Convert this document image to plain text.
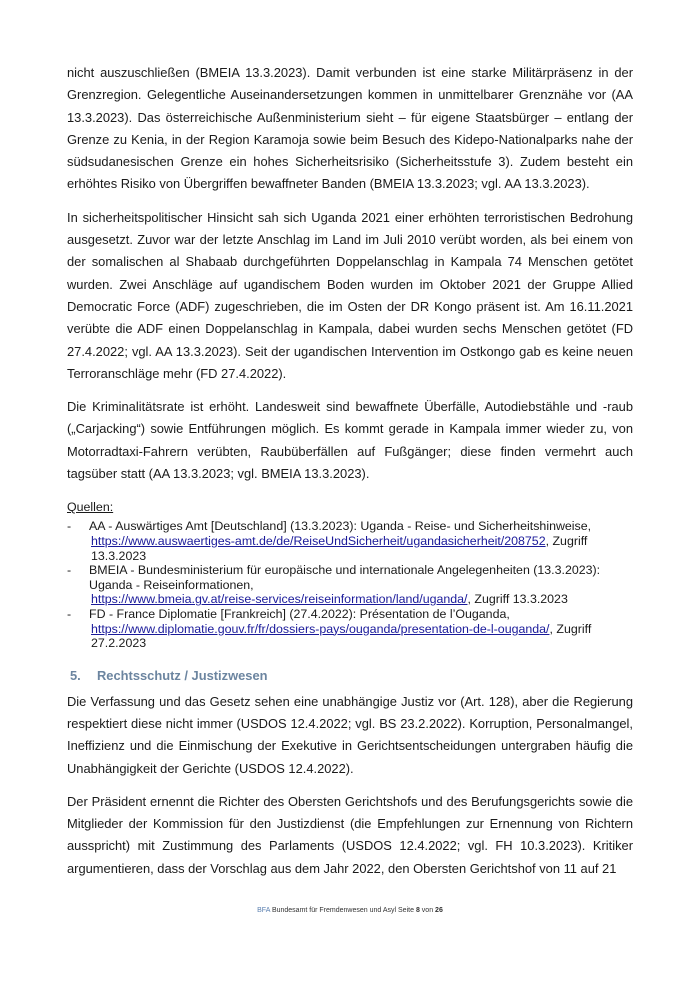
nicht auszuschließen (BMEIA 13.3.2023). Damit verbunden ist eine starke Militärpräsenz in der Grenzregion. Gelegentliche Auseinandersetzungen kommen in unmittelbarer Grenznähe vor (AA 13.3.2023). Das österreichische Außenministerium sieht – für eigene Staatsbürger – entlang der Grenze zu Kenia, in der Region Karamoja sowie beim Besuch des Kidepo-Nationalparks nahe der südsudanesischen Grenze ein hohes Sicherheitsrisiko (Sicherheitsstufe 3). Zudem besteht ein erhöhtes Risiko von Übergriffen bewaffneter Banden (BMEIA 13.3.2023; vgl. AA 13.3.2023).

In sicherheitspolitischer Hinsicht sah sich Uganda 2021 einer erhöhten terroristischen Bedrohung ausgesetzt. Zuvor war der letzte Anschlag im Land im Juli 2010 verübt worden, als bei einem von der somalischen al Shabaab durchgeführten Doppelanschlag in Kampala 74 Menschen getötet wurden. Zwei Anschläge auf ugandischem Boden wurden im Oktober 2021 der Gruppe Allied Democratic Force (ADF) zugeschrieben, die im Osten der DR Kongo präsent ist. Am 16.11.2021 verübte die ADF einen Doppelanschlag in Kampala, dabei wurden sechs Menschen getötet (FD 27.4.2022; vgl. AA 13.3.2023). Seit der ugandischen Intervention im Ostkongo gab es keine neuen Terroranschläge mehr (FD 27.4.2022).

Die Kriminalitätsrate ist erhöht. Landesweit sind bewaffnete Überfälle, Autodiebstähle und -raub („Carjacking“) sowie Entführungen möglich. Es kommt gerade in Kampala immer wieder zu, von Motorradtaxi-Fahrern verübten, Raubüberfällen auf Fußgänger; diese finden vermehrt auch tagsüber statt (AA 13.3.2023; vgl. BMEIA 13.3.2023).

Quellen:
- AA - Auswärtiges Amt [Deutschland] (13.3.2023): Uganda - Reise- und Sicherheitshinweise,
https://www.auswaertiges-amt.de/de/ReiseUndSicherheit/ugandasicherheit/208752, Zugriff 13.3.2023
- BMEIA - Bundesministerium für europäische und internationale Angelegenheiten (13.3.2023): Uganda - Reiseinformationen,
https://www.bmeia.gv.at/reise-services/reiseinformation/land/uganda/, Zugriff 13.3.2023
- FD - France Diplomatie [Frankreich] (27.4.2022): Présentation de l’Ouganda,
https://www.diplomatie.gouv.fr/fr/dossiers-pays/ouganda/presentation-de-l-ouganda/, Zugriff 27.2.2023
5. Rechtsschutz / Justizwesen

Die Verfassung und das Gesetz sehen eine unabhängige Justiz vor (Art. 128), aber die Regierung respektiert diese nicht immer (USDOS 12.4.2022; vgl. BS 23.2.2022). Korruption, Personalmangel, Ineffizienz und die Einmischung der Exekutive in Gerichtsentscheidungen untergraben häufig die Unabhängigkeit der Gerichte (USDOS 12.4.2022).

Der Präsident ernennt die Richter des Obersten Gerichtshofs und des Berufungsgerichts sowie die Mitglieder der Kommission für den Justizdienst (die Empfehlungen zur Ernennung von Richtern ausspricht) mit Zustimmung des Parlaments (USDOS 12.4.2022; vgl. FH 10.3.2023). Kritiker argumentieren, dass der Vorschlag aus dem Jahr 2022, den Obersten Gerichtshof von 11 auf 21

BFA Bundesamt für Fremdenwesen und Asyl Seite 8 von 26
